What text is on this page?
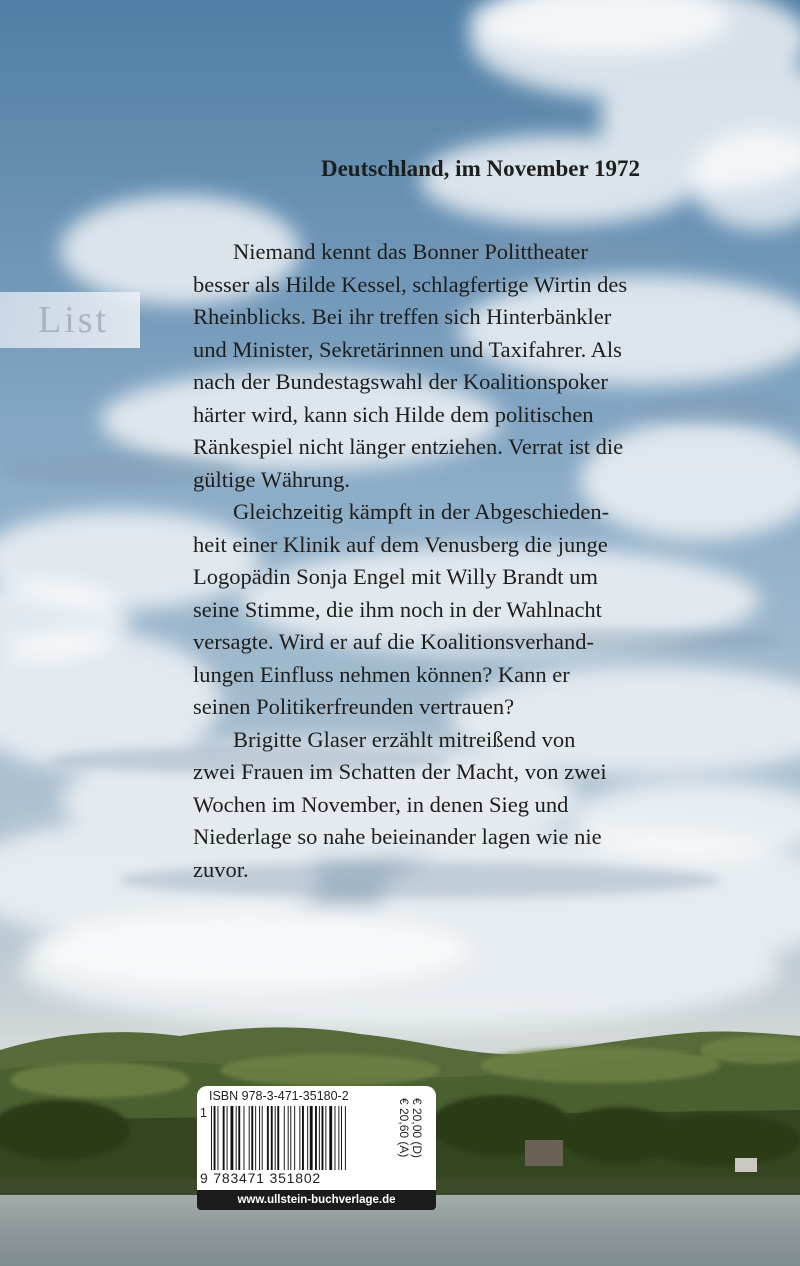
List
Deutschland, im November 1972
Niemand kennt das Bonner Polittheater
besser als Hilde Kessel, schlagfertige Wirtin des
Rheinblicks. Bei ihr treffen sich Hinterbänkler
und Minister, Sekretärinnen und Taxifahrer. Als
nach der Bundestagswahl der Koalitionspoker
härter wird, kann sich Hilde dem politischen
Ränkespiel nicht länger entziehen. Verrat ist die
gültige Währung.
Gleichzeitig kämpft in der Abgeschieden-
heit einer Klinik auf dem Venusberg die junge
Logopädin Sonja Engel mit Willy Brandt um
seine Stimme, die ihm noch in der Wahlnacht
versagte. Wird er auf die Koalitionsverhand-
lungen Einfluss nehmen können? Kann er
seinen Politikerfreunden vertrauen?
Brigitte Glaser erzählt mitreißend von
zwei Frauen im Schatten der Macht, von zwei
Wochen im November, in denen Sieg und
Niederlage so nahe beieinander lagen wie nie
zuvor.
ISBN 978-3-471-35180-2
1
9 783471 351802
€ 20,00 (D)
€ 20,60 (A)
www.ullstein-buchverlage.de
